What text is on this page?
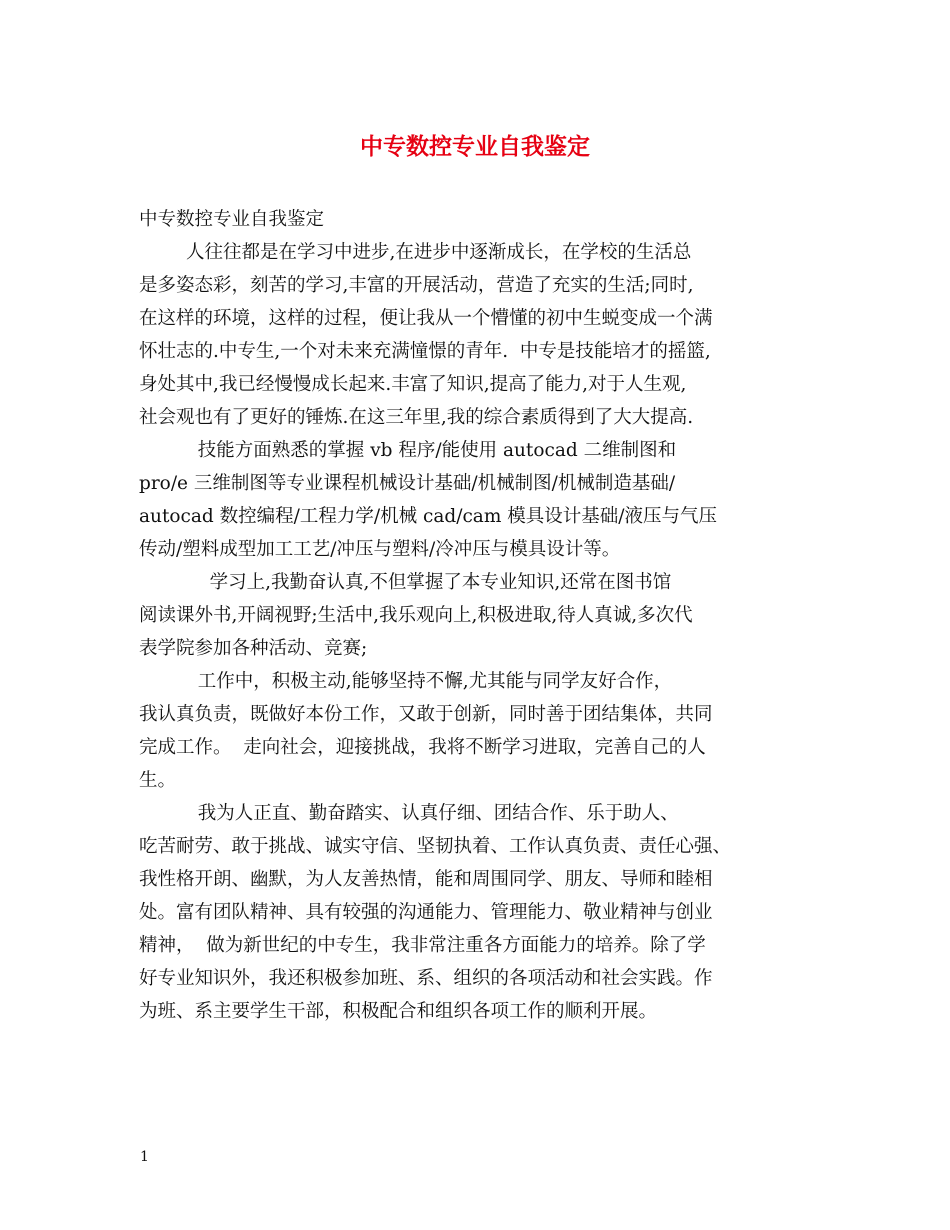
中专数控专业自我鉴定

中专数控专业自我鉴定

人往往都是在学习中进步,在进步中逐渐成长，在学校的生活总

是多姿态彩，刻苦的学习,丰富的开展活动，营造了充实的生活;同时,

在这样的环境，这样的过程，便让我从一个懵懂的初中生蜕变成一个满

怀壮志的.中专生,一个对未来充满憧憬的青年.  中专是技能培才的摇篮,

身处其中,我已经慢慢成长起来.丰富了知识,提高了能力,对于人生观,

社会观也有了更好的锤炼.在这三年里,我的综合素质得到了大大提高.

技能方面熟悉的掌握 vb 程序/能使用 autocad 二维制图和

pro/e 三维制图等专业课程机械设计基础/机械制图/机械制造基础/

autocad 数控编程/工程力学/机械 cad/cam 模具设计基础/液压与气压

传动/塑料成型加工工艺/冲压与塑料/冷冲压与模具设计等。

学习上,我勤奋认真,不但掌握了本专业知识,还常在图书馆

阅读课外书,开阔视野;生活中,我乐观向上,积极进取,待人真诚,多次代

表学院参加各种活动、竞赛;

工作中，积极主动,能够坚持不懈,尤其能与同学友好合作，

我认真负责，既做好本份工作，又敢于创新，同时善于团结集体，共同

完成工作。  走向社会，迎接挑战，我将不断学习进取，完善自己的人

生。

我为人正直、勤奋踏实、认真仔细、团结合作、乐于助人、

吃苦耐劳、敢于挑战、诚实守信、坚韧执着、工作认真负责、责任心强、

我性格开朗、幽默，为人友善热情，能和周围同学、朋友、导师和睦相

处。富有团队精神、具有较强的沟通能力、管理能力、敬业精神与创业

精神，  做为新世纪的中专生，我非常注重各方面能力的培养。除了学

好专业知识外，我还积极参加班、系、组织的各项活动和社会实践。作

为班、系主要学生干部，积极配合和组织各项工作的顺利开展。

1
